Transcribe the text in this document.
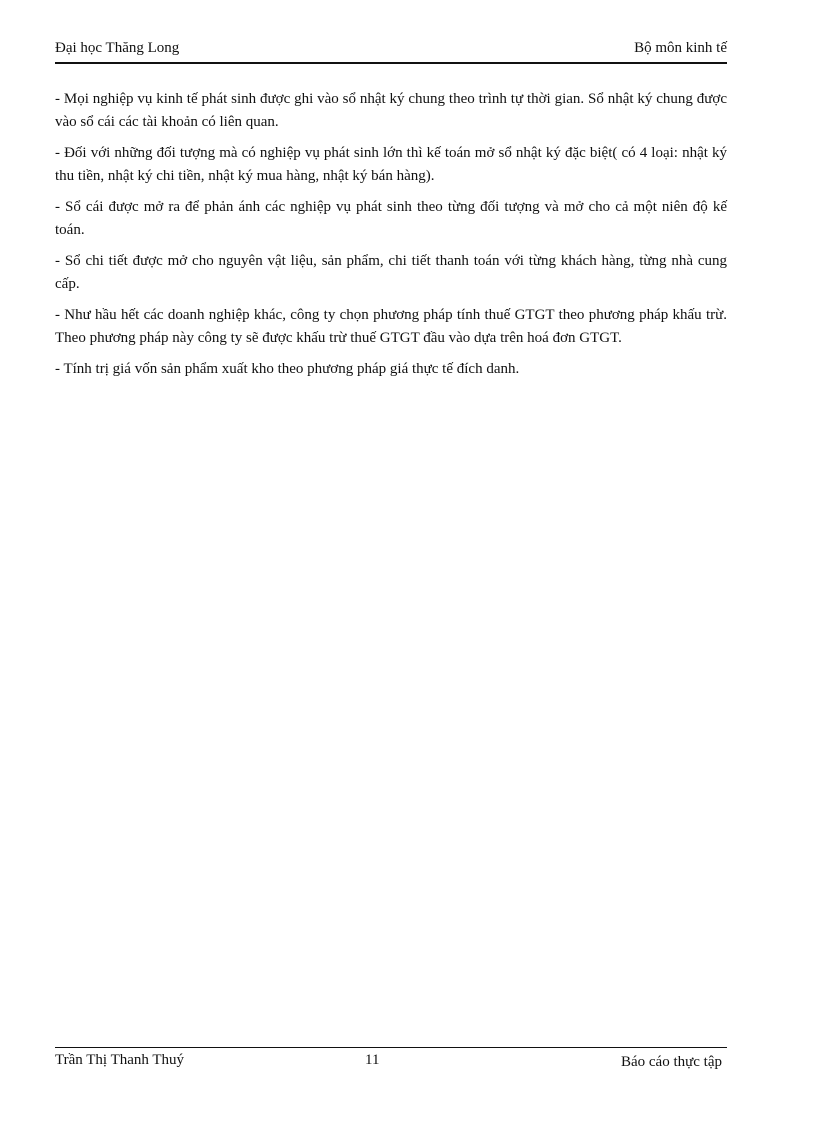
Đại học Thăng Long	Bộ môn kinh tế

- Mọi nghiệp vụ kinh tế phát sinh được ghi vào sổ nhật ký chung theo trình tự thời gian. Sổ nhật ký chung được vào sổ cái các tài khoản có liên quan.

- Đối với những đối tượng mà có nghiệp vụ phát sinh lớn thì kế toán mở sổ nhật ký đặc biệt( có 4 loại: nhật ký thu tiền, nhật ký chi tiền, nhật ký mua hàng, nhật ký bán hàng).

- Sổ cái được mở ra để phản ánh các nghiệp vụ phát sinh theo từng đối tượng và mở cho cả một niên độ kế toán.

- Sổ chi tiết được mở cho nguyên vật liệu, sản phẩm, chi tiết thanh toán với từng khách hàng, từng nhà cung cấp.

- Như hầu hết các doanh nghiệp khác, công ty chọn phương pháp tính thuế GTGT theo phương pháp khấu trừ. Theo phương pháp này công ty sẽ được khấu trừ thuế GTGT đầu vào dựa trên hoá đơn GTGT.

- Tính trị giá vốn sản phẩm xuất kho theo phương pháp giá thực tế đích danh.

Trần Thị Thanh Thuý	11	Báo cáo thực tập
